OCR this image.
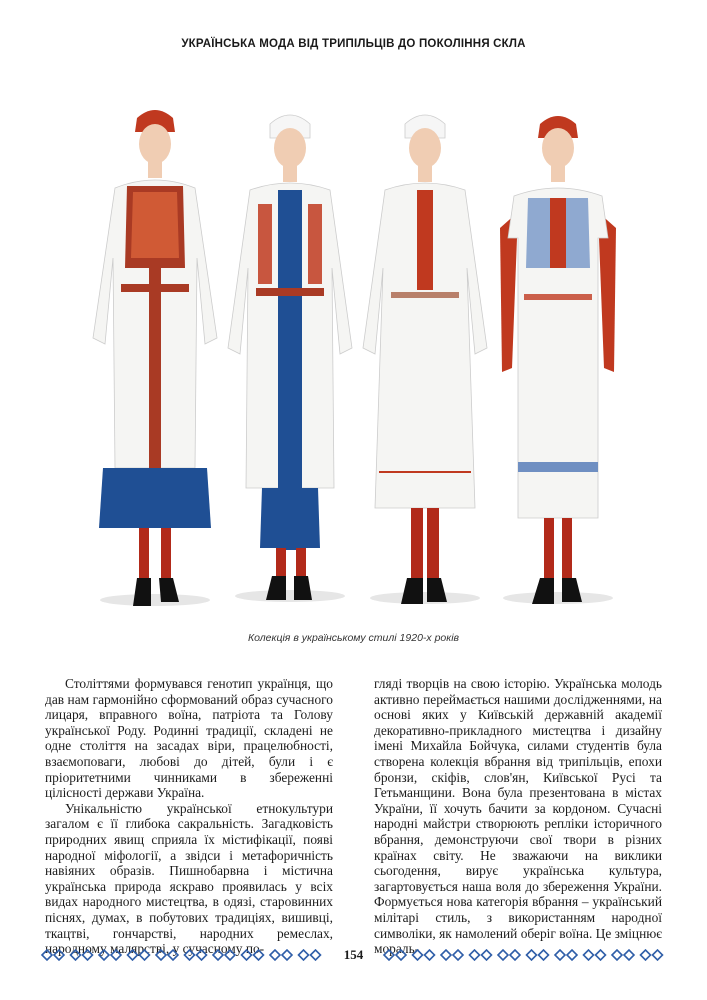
УКРАЇНСЬКА МОДА ВІД ТРИПІЛЬЦІВ ДО ПОКОЛІННЯ СКЛА
Колекція в українському стилі 1920-х років

Століттями формувався генотип українця, що дав нам гармонійно сформований образ сучасного лицаря, вправного воїна, патріота та Голову української Роду. Родинні традиції, складені не одне століття на засадах віри, працелюбності, взаємоповаги, любові до дітей, були і є пріоритетними чинниками в збереженні цілісності держави Україна.

Унікальністю української етнокультури загалом є її глибока сакральність. Загадковість природних явищ сприяла їх містифікації, появі народної міфології, а звідси і метафоричність навіяних образів. Пишнобарвна і містична українська природа яскраво проявилась у всіх видах народного мистецтва, в одязі, старовинних піснях, думах, в побутових традиціях, вишивці, ткацтві, гончарстві, народних ремеслах, народному малярстві, у сучасному по-

гляді творців на свою історію. Українська молодь активно переймається нашими дослідженнями, на основі яких у Київській державній академії декоративно-прикладного мистецтва і дизайну імені Михайла Бойчука, силами студентів була створена колекція вбрання від трипільців, епохи бронзи, скіфів, слов'ян, Київської Русі та Гетьманщини. Вона була презентована в містах України, її хочуть бачити за кордоном. Сучасні народні майстри створюють репліки історичного вбрання, демонструючи свої твори в різних країнах світу. Не зважаючи на виклики сьогодення, вирує українська культура, загартовується наша воля до збереження України. Формується нова категорія вбрання – український мілітарі стиль, з використанням народної символіки, як намолений оберіг воїна. Це зміцнює мораль-

154
